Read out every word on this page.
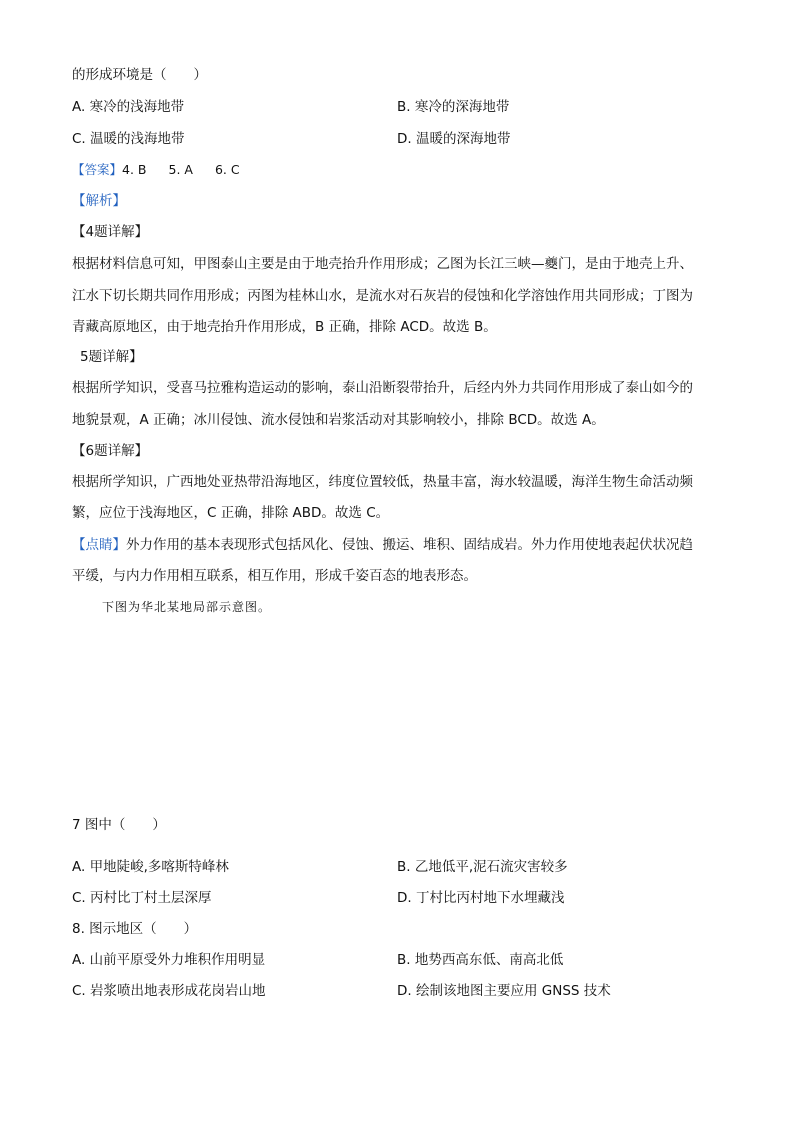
的形成环境是（　　）
A. 寒冷的浅海地带	B. 寒冷的深海地带
C. 温暖的浅海地带	D. 温暖的深海地带
【答案】4. B 5. A 6. C
【解析】
【4题详解】
根据材料信息可知，甲图泰山主要是由于地壳抬升作用形成；乙图为长江三峡—夔门，是由于地壳上升、
江水下切长期共同作用形成；丙图为桂林山水，是流水对石灰岩的侵蚀和化学溶蚀作用共同形成；丁图为
青藏高原地区，由于地壳抬升作用形成，B 正确，排除 ACD。故选 B。
5题详解】
根据所学知识，受喜马拉雅构造运动的影响，泰山沿断裂带抬升，后经内外力共同作用形成了泰山如今的
地貌景观，A 正确；冰川侵蚀、流水侵蚀和岩浆活动对其影响较小，排除 BCD。故选 A。
【6题详解】
根据所学知识，广西地处亚热带沿海地区，纬度位置较低，热量丰富，海水较温暖，海洋生物生命活动频
繁，应位于浅海地区，C 正确，排除 ABD。故选 C。
【点睛】外力作用的基本表现形式包括风化、侵蚀、搬运、堆积、固结成岩。外力作用使地表起伏状况趋
平缓，与内力作用相互联系，相互作用，形成千姿百态的地表形态。
下图为华北某地局部示意图。
7 图中（　　）
A. 甲地陡峻,多喀斯特峰林	B. 乙地低平,泥石流灾害较多
C. 丙村比丁村土层深厚	D. 丁村比丙村地下水埋藏浅
8. 图示地区（　　）
A. 山前平原受外力堆积作用明显	B. 地势西高东低、南高北低
C. 岩浆喷出地表形成花岗岩山地	D. 绘制该地图主要应用 GNSS 技术
